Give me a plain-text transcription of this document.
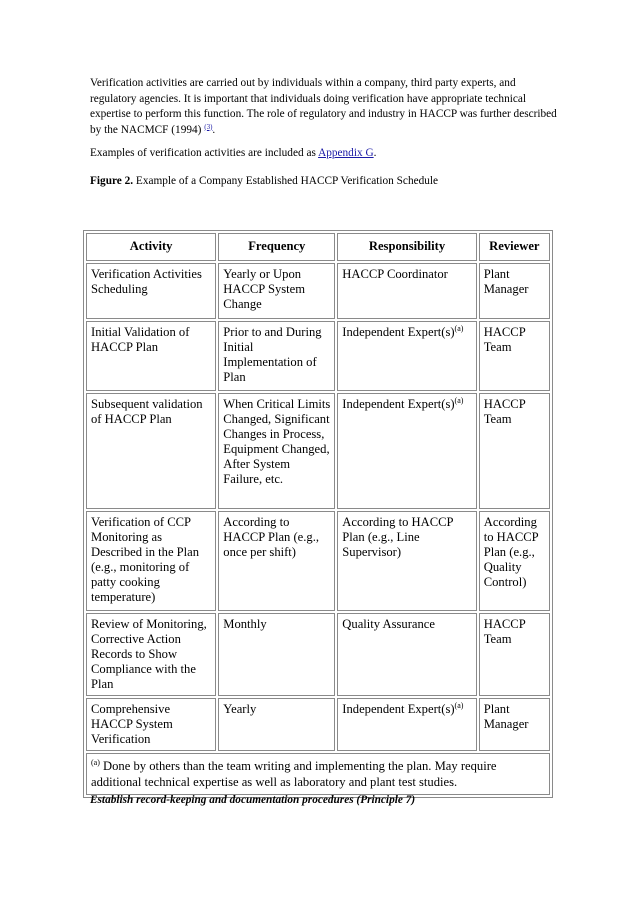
Verification activities are carried out by individuals within a company, third party experts, and regulatory agencies. It is important that individuals doing verification have appropriate technical expertise to perform this function. The role of regulatory and industry in HACCP was further described by the NACMCF (1994) $^{(3)}$.

Examples of verification activities are included as Appendix G.

Figure 2. Example of a Company Established HACCP Verification Schedule

Activity	Frequency	Responsibility	Reviewer
Verification Activities Scheduling	Yearly or Upon HACCP System Change	HACCP Coordinator	Plant Manager
Initial Validation of HACCP Plan	Prior to and During Initial Implementation of Plan	Independent $Expert(s)^{(a)}$	HACCP Team
Subsequent validation of HACCP Plan	When Critical Limits Changed, Significant Changes in Process, Equipment Changed, After System Failure, etc.	Independent $Expert(s)^{(a)}$	HACCP Team
Verification of CCP Monitoring as Described in the Plan (e.g., monitoring of patty cooking temperature)	According to HACCP Plan (e.g., once per shift)	According to HACCP Plan (e.g., Line Supervisor)	According to HACCP Plan (e.g., Quality Control)
Review of Monitoring, Corrective Action Records to Show Compliance with the Plan	Monthly	Quality Assurance	HACCP Team
Comprehensive HACCP System Verification	Yearly	Independent $Expert(s)^{(a)}$	Plant Manager
$^{(a)}$ Done by others than the team writing and implementing the plan. May require additional technical expertise as well as laboratory and plant test studies.			

Establish record-keeping and documentation procedures (Principle 7)
